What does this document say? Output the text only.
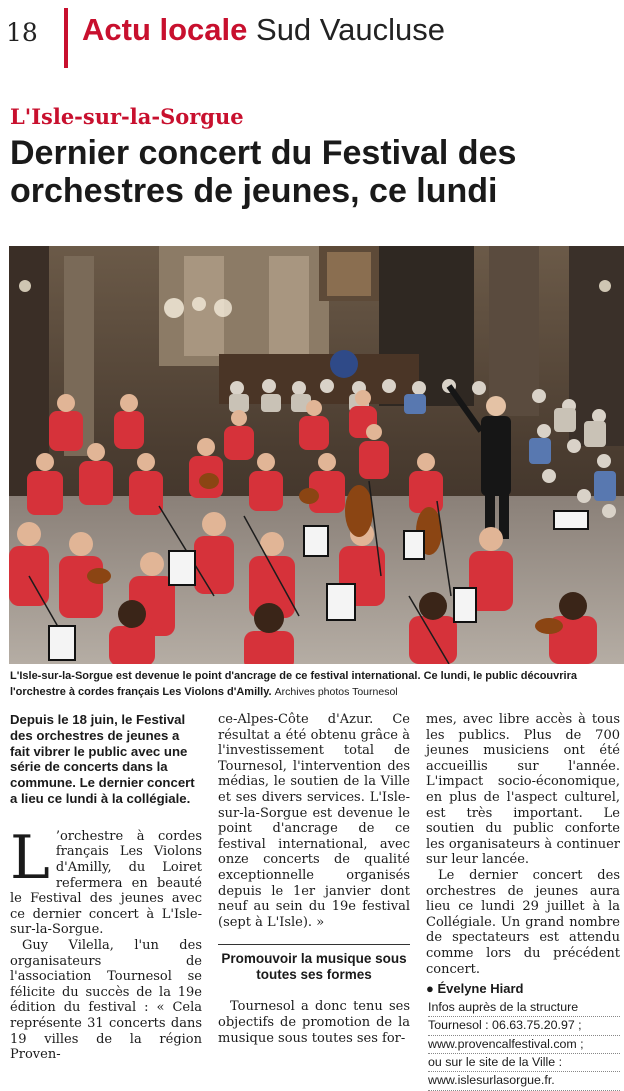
18 Actu locale Sud Vaucluse
L'Isle-sur-la-Sorgue
Dernier concert du Festival des orchestres de jeunes, ce lundi
L'Isle-sur-la-Sorgue est devenue le point d'ancrage de ce festival international. Ce lundi, le public découvrira l'orchestre à cordes français Les Violons d'Amilly. Archives photos Tournesol
Depuis le 18 juin, le Festival des orchestres de jeunes a fait vibrer le public avec une série de concerts dans la commune. Le dernier concert a lieu ce lundi à la collégiale.

L ’orchestre à cordes français Les Violons d'Amilly, du Loiret refermera en beauté le Festival des jeunes avec ce dernier concert à L'Isle-sur-la-Sorgue.

Guy Vilella, l'un des organisateurs de l'association Tournesol se félicite du succès de la 19e édition du festival : « Cela représente 31 concerts dans 19 villes de la région Proven-

ce-Alpes-Côte d'Azur. Ce résultat a été obtenu grâce à l'investissement total de Tournesol, l'intervention des médias, le soutien de la Ville et ses divers services. L'Isle-sur-la-Sorgue est devenue le point d'ancrage de ce festival international, avec onze concerts de qualité exceptionnelle organisés depuis le 1er janvier dont neuf au sein du 19e festival (sept à L'Isle). »

Promouvoir la musique sous toutes ses formes

Tournesol a donc tenu ses objectifs de promotion de la musique sous toutes ses for-

mes, avec libre accès à tous les publics. Plus de 700 jeunes musiciens ont été accueillis sur l'année. L'impact socio-économique, en plus de l'aspect culturel, est très important. Le soutien du public conforte les organisateurs à continuer sur leur lancée.

Le dernier concert des orchestres de jeunes aura lieu ce lundi 29 juillet à la Collégiale. Un grand nombre de spectateurs est attendu comme lors du précédent concert.

● Évelyne Hiard
Infos auprès de la structure
Tournesol : 06.63.75.20.97 ;
www.provencalfestival.com ;
ou sur le site de la Ville :
www.islesurlasorgue.fr.
